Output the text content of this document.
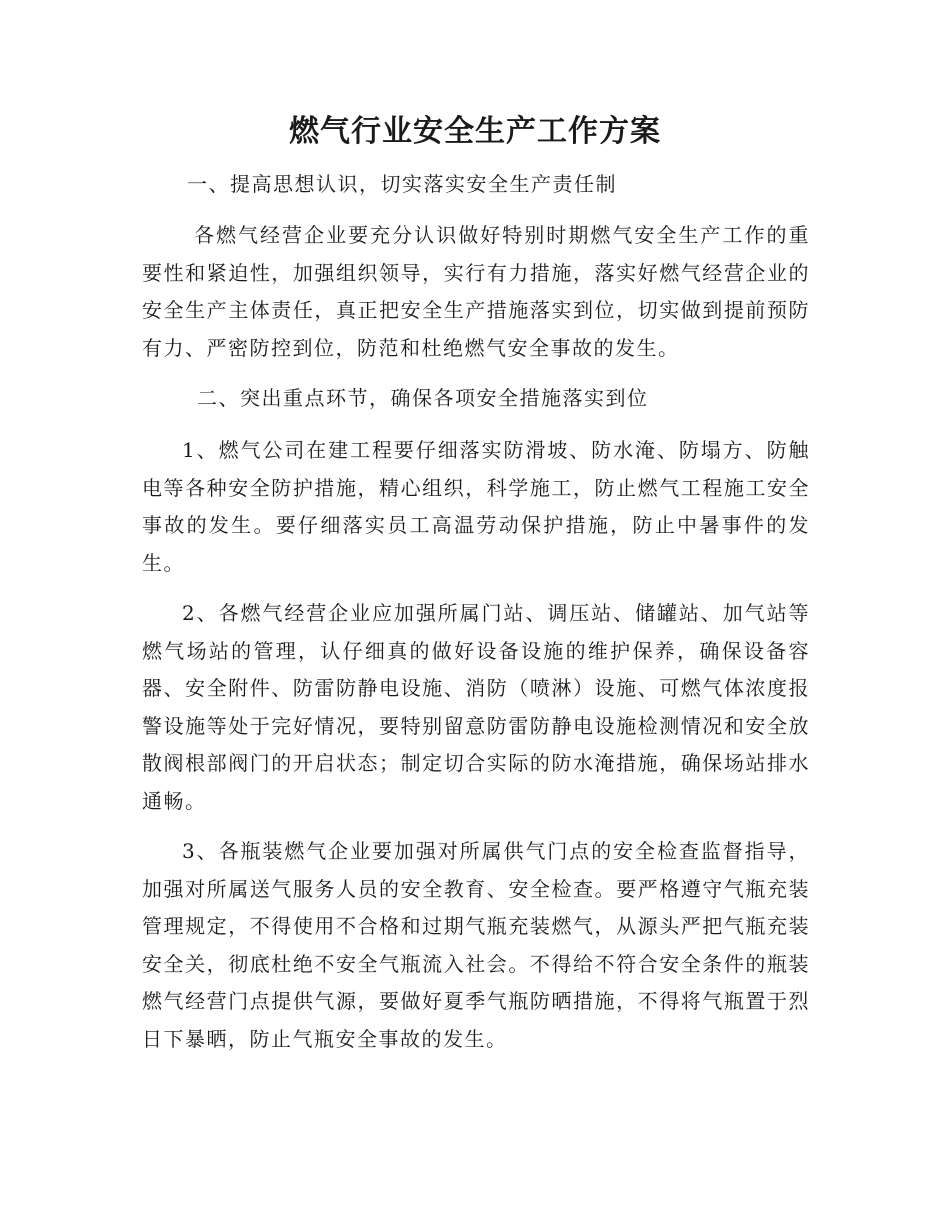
燃气行业安全生产工作方案

一、提高思想认识，切实落实安全生产责任制

各燃气经营企业要充分认识做好特别时期燃气安全生产工作的重要性和紧迫性，加强组织领导，实行有力措施，落实好燃气经营企业的安全生产主体责任，真正把安全生产措施落实到位，切实做到提前预防有力、严密防控到位，防范和杜绝燃气安全事故的发生。

二、突出重点环节，确保各项安全措施落实到位

1、燃气公司在建工程要仔细落实防滑坡、防水淹、防塌方、防触电等各种安全防护措施，精心组织，科学施工，防止燃气工程施工安全事故的发生。要仔细落实员工高温劳动保护措施，防止中暑事件的发生。

2、各燃气经营企业应加强所属门站、调压站、储罐站、加气站等燃气场站的管理，认仔细真的做好设备设施的维护保养，确保设备容器、安全附件、防雷防静电设施、消防（喷淋）设施、可燃气体浓度报警设施等处于完好情况，要特别留意防雷防静电设施检测情况和安全放散阀根部阀门的开启状态；制定切合实际的防水淹措施，确保场站排水通畅。

3、各瓶装燃气企业要加强对所属供气门点的安全检查监督指导，加强对所属送气服务人员的安全教育、安全检查。要严格遵守气瓶充装管理规定，不得使用不合格和过期气瓶充装燃气，从源头严把气瓶充装安全关，彻底杜绝不安全气瓶流入社会。不得给不符合安全条件的瓶装燃气经营门点提供气源，要做好夏季气瓶防晒措施，不得将气瓶置于烈日下暴晒，防止气瓶安全事故的发生。
